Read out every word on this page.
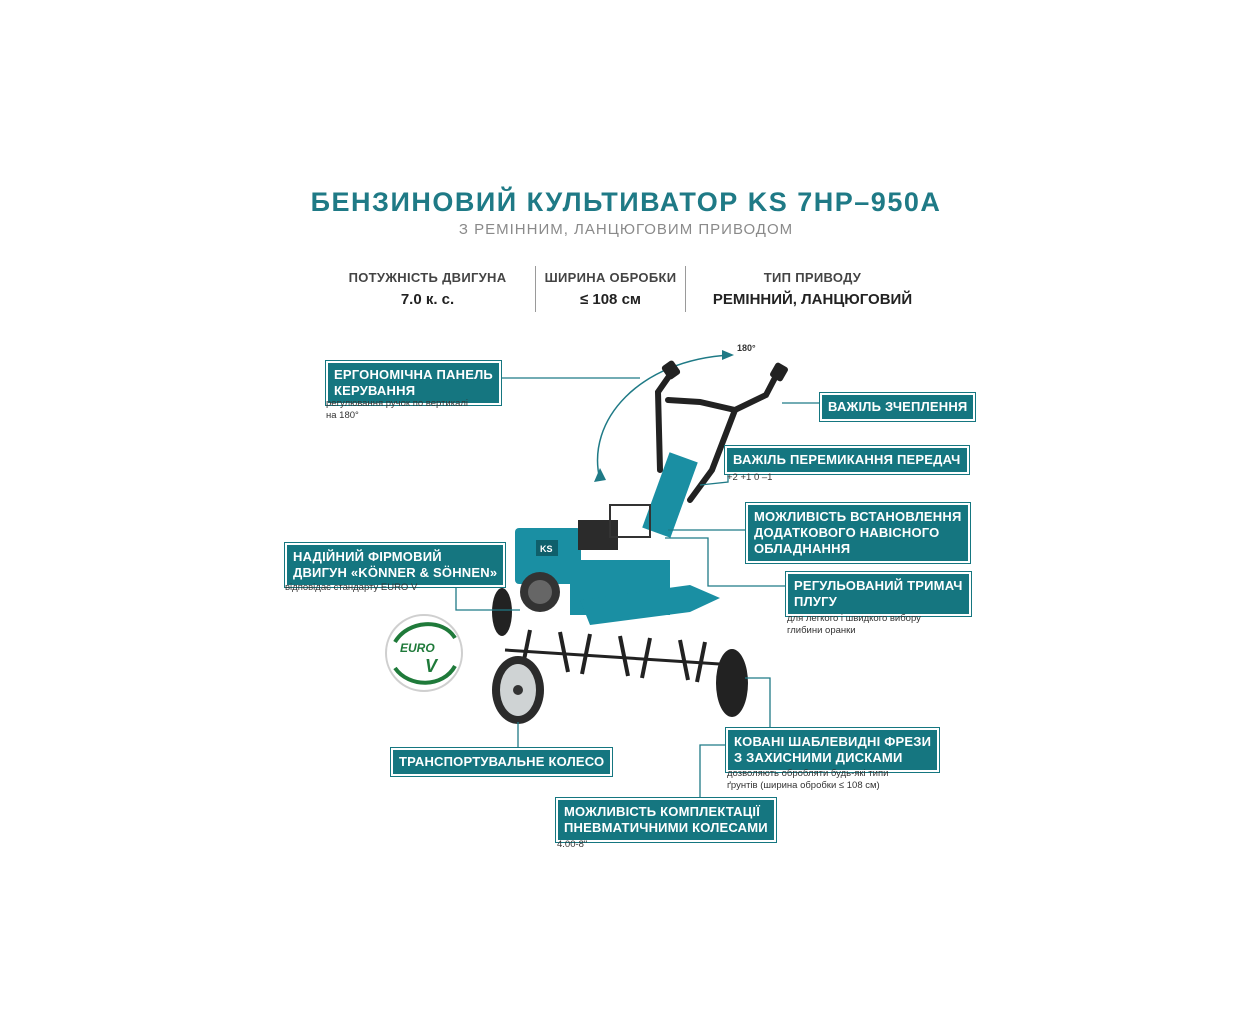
БЕНЗИНОВИЙ КУЛЬТИВАТОР KS 7HP–950A
З РЕМІННИМ, ЛАНЦЮГОВИМ ПРИВОДОМ
ПОТУЖНІСТЬ ДВИГУНА
7.0 к. с.
ШИРИНА ОБРОБКИ
≤ 108 см
ТИП ПРИВОДУ
РЕМІННИЙ, ЛАНЦЮГОВИЙ
180°
KS
ЕРГОНОМІЧНА ПАНЕЛЬ
КЕРУВАННЯ
регулювання ручок по вертикалі
на 180°
ВАЖІЛЬ ЗЧЕПЛЕННЯ
ВАЖІЛЬ ПЕРЕМИКАННЯ ПЕРЕДАЧ
+2 +1 0 –1
МОЖЛИВІСТЬ ВСТАНОВЛЕННЯ
ДОДАТКОВОГО НАВІСНОГО
ОБЛАДНАННЯ
НАДІЙНИЙ ФІРМОВИЙ
ДВИГУН «KÖNNER & SÖHNEN»
відповідає стандарту EURO V	РЕГУЛЬОВАНИЙ ТРИМАЧ
ПЛУГУ
для легкого і швидкого вибору
глибини оранки
ТРАНСПОРТУВАЛЬНЕ КОЛЕСО
КОВАНІ ШАБЛЕВИДНІ ФРЕЗИ
З ЗАХИСНИМИ ДИСКАМИ
дозволяють обробляти будь-які типи
ґрунтів (ширина обробки ≤ 108 см)
МОЖЛИВІСТЬ КОМПЛЕКТАЦІЇ
ПНЕВМАТИЧНИМИ КОЛЕСАМИ
4.00-8"
EURO
V
